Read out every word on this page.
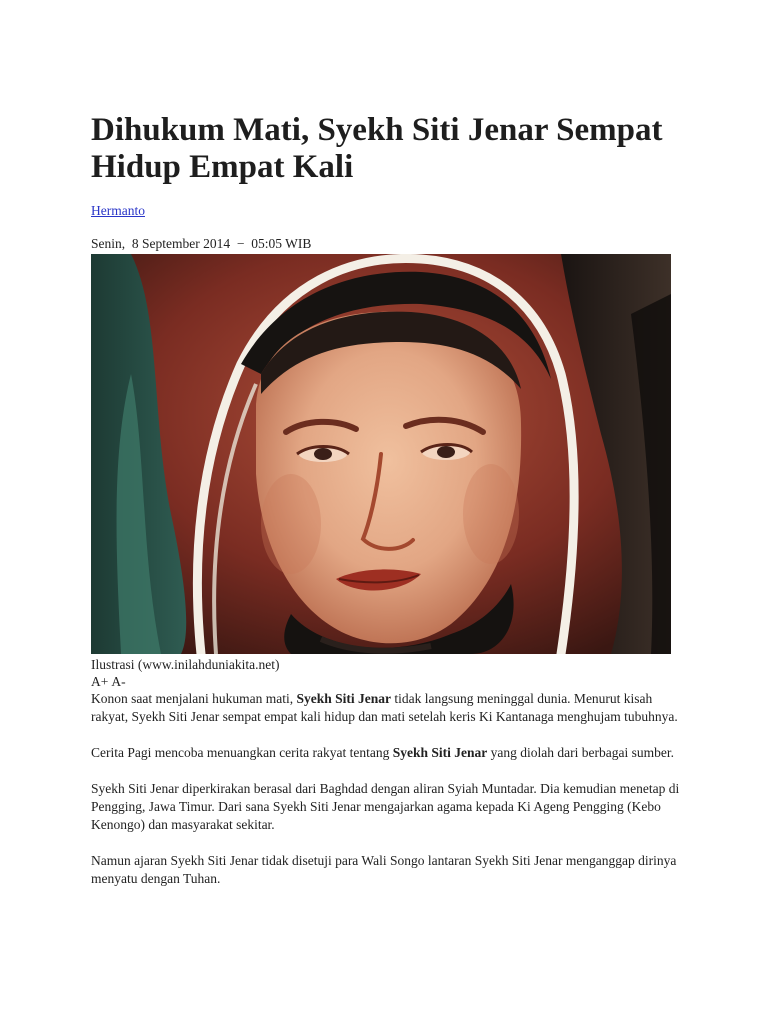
Dihukum Mati, Syekh Siti Jenar Sempat Hidup Empat Kali
Hermanto
Senin,  8 September 2014  −  05:05 WIB
Ilustrasi (www.inilahduniakita.net)
A+ A-

Konon saat menjalani hukuman mati, Syekh Siti Jenar tidak langsung meninggal dunia. Menurut kisah rakyat, Syekh Siti Jenar sempat empat kali hidup dan mati setelah keris Ki Kantanaga menghujam tubuhnya.

Cerita Pagi mencoba menuangkan cerita rakyat tentang Syekh Siti Jenar yang diolah dari berbagai sumber.

Syekh Siti Jenar diperkirakan berasal dari Baghdad dengan aliran Syiah Muntadar. Dia kemudian menetap di Pengging, Jawa Timur. Dari sana Syekh Siti Jenar mengajarkan agama kepada Ki Ageng Pengging (Kebo Kenongo) dan masyarakat sekitar.

Namun ajaran Syekh Siti Jenar tidak disetuji para Wali Songo lantaran Syekh Siti Jenar menganggap dirinya menyatu dengan Tuhan.
